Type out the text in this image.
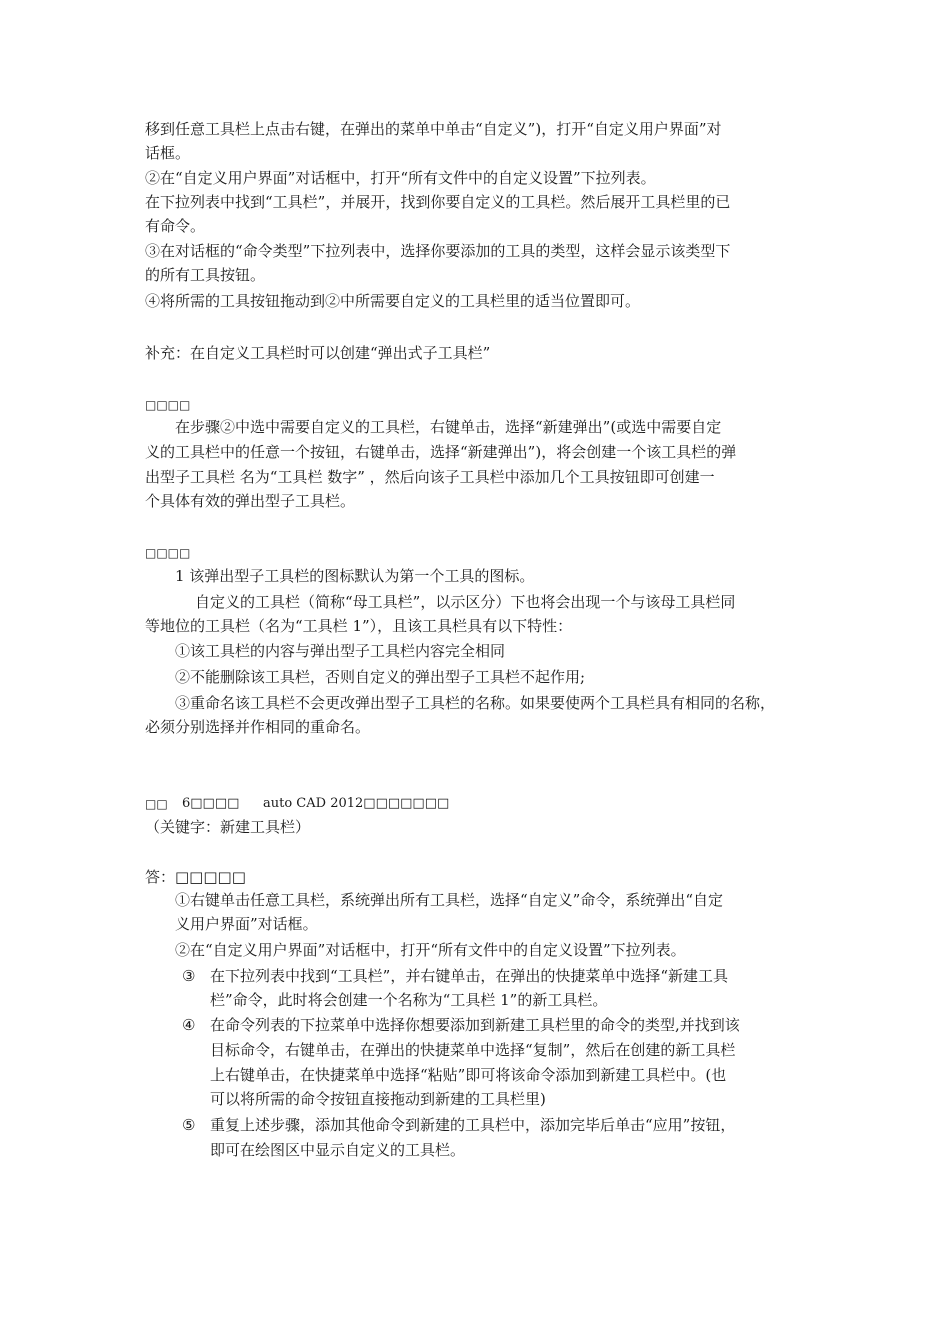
移到任意工具栏上点击右键，在弹出的菜单中单击“自定义”)，打开“自定义用户界面”对
话框。
②在“自定义用户界面”对话框中，打开“所有文件中的自定义设置”下拉列表。
在下拉列表中找到“工具栏”，并展开，找到你要自定义的工具栏。然后展开工具栏里的已
有命令。
③在对话框的“命令类型”下拉列表中，选择你要添加的工具的类型，这样会显示该类型下
的所有工具按钮。
④将所需的工具按钮拖动到②中所需要自定义的工具栏里的适当位置即可。
补充：在自定义工具栏时可以创建“弹出式子工具栏”
□□□□
在步骤②中选中需要自定义的工具栏，右键单击，选择“新建弹出”(或选中需要自定
义的工具栏中的任意一个按钮，右键单击，选择“新建弹出”)，将会创建一个该工具栏的弹
出型子工具栏 名为“工具栏 数字” ，然后向该子工具栏中添加几个工具按钮即可创建一
个具体有效的弹出型子工具栏。
□□□□
1 该弹出型子工具栏的图标默认为第一个工具的图标。
自定义的工具栏（简称“母工具栏”，以示区分）下也将会出现一个与该母工具栏同
等地位的工具栏（名为“工具栏 1”），且该工具栏具有以下特性：
①该工具栏的内容与弹出型子工具栏内容完全相同
②不能删除该工具栏，否则自定义的弹出型子工具栏不起作用;
③重命名该工具栏不会更改弹出型子工具栏的名称。如果要使两个工具栏具有相同的名称，
必须分别选择并作相同的重命名。
□□ 6□□□□ auto CAD 2012□□□□□□□
（关键字：新建工具栏）
答：□□□□□
①右键单击任意工具栏，系统弹出所有工具栏，选择“自定义”命令，系统弹出“自定
义用户界面”对话框。
②在“自定义用户界面”对话框中，打开“所有文件中的自定义设置”下拉列表。
③ 在下拉列表中找到“工具栏”，并右键单击，在弹出的快捷菜单中选择“新建工具
栏”命令，此时将会创建一个名称为“工具栏 1”的新工具栏。
④ 在命令列表的下拉菜单中选择你想要添加到新建工具栏里的命令的类型,并找到该
目标命令，右键单击，在弹出的快捷菜单中选择“复制”，然后在创建的新工具栏
上右键单击，在快捷菜单中选择“粘贴”即可将该命令添加到新建工具栏中。(也
可以将所需的命令按钮直接拖动到新建的工具栏里)
⑤ 重复上述步骤，添加其他命令到新建的工具栏中，添加完毕后单击“应用”按钮，
即可在绘图区中显示自定义的工具栏。
